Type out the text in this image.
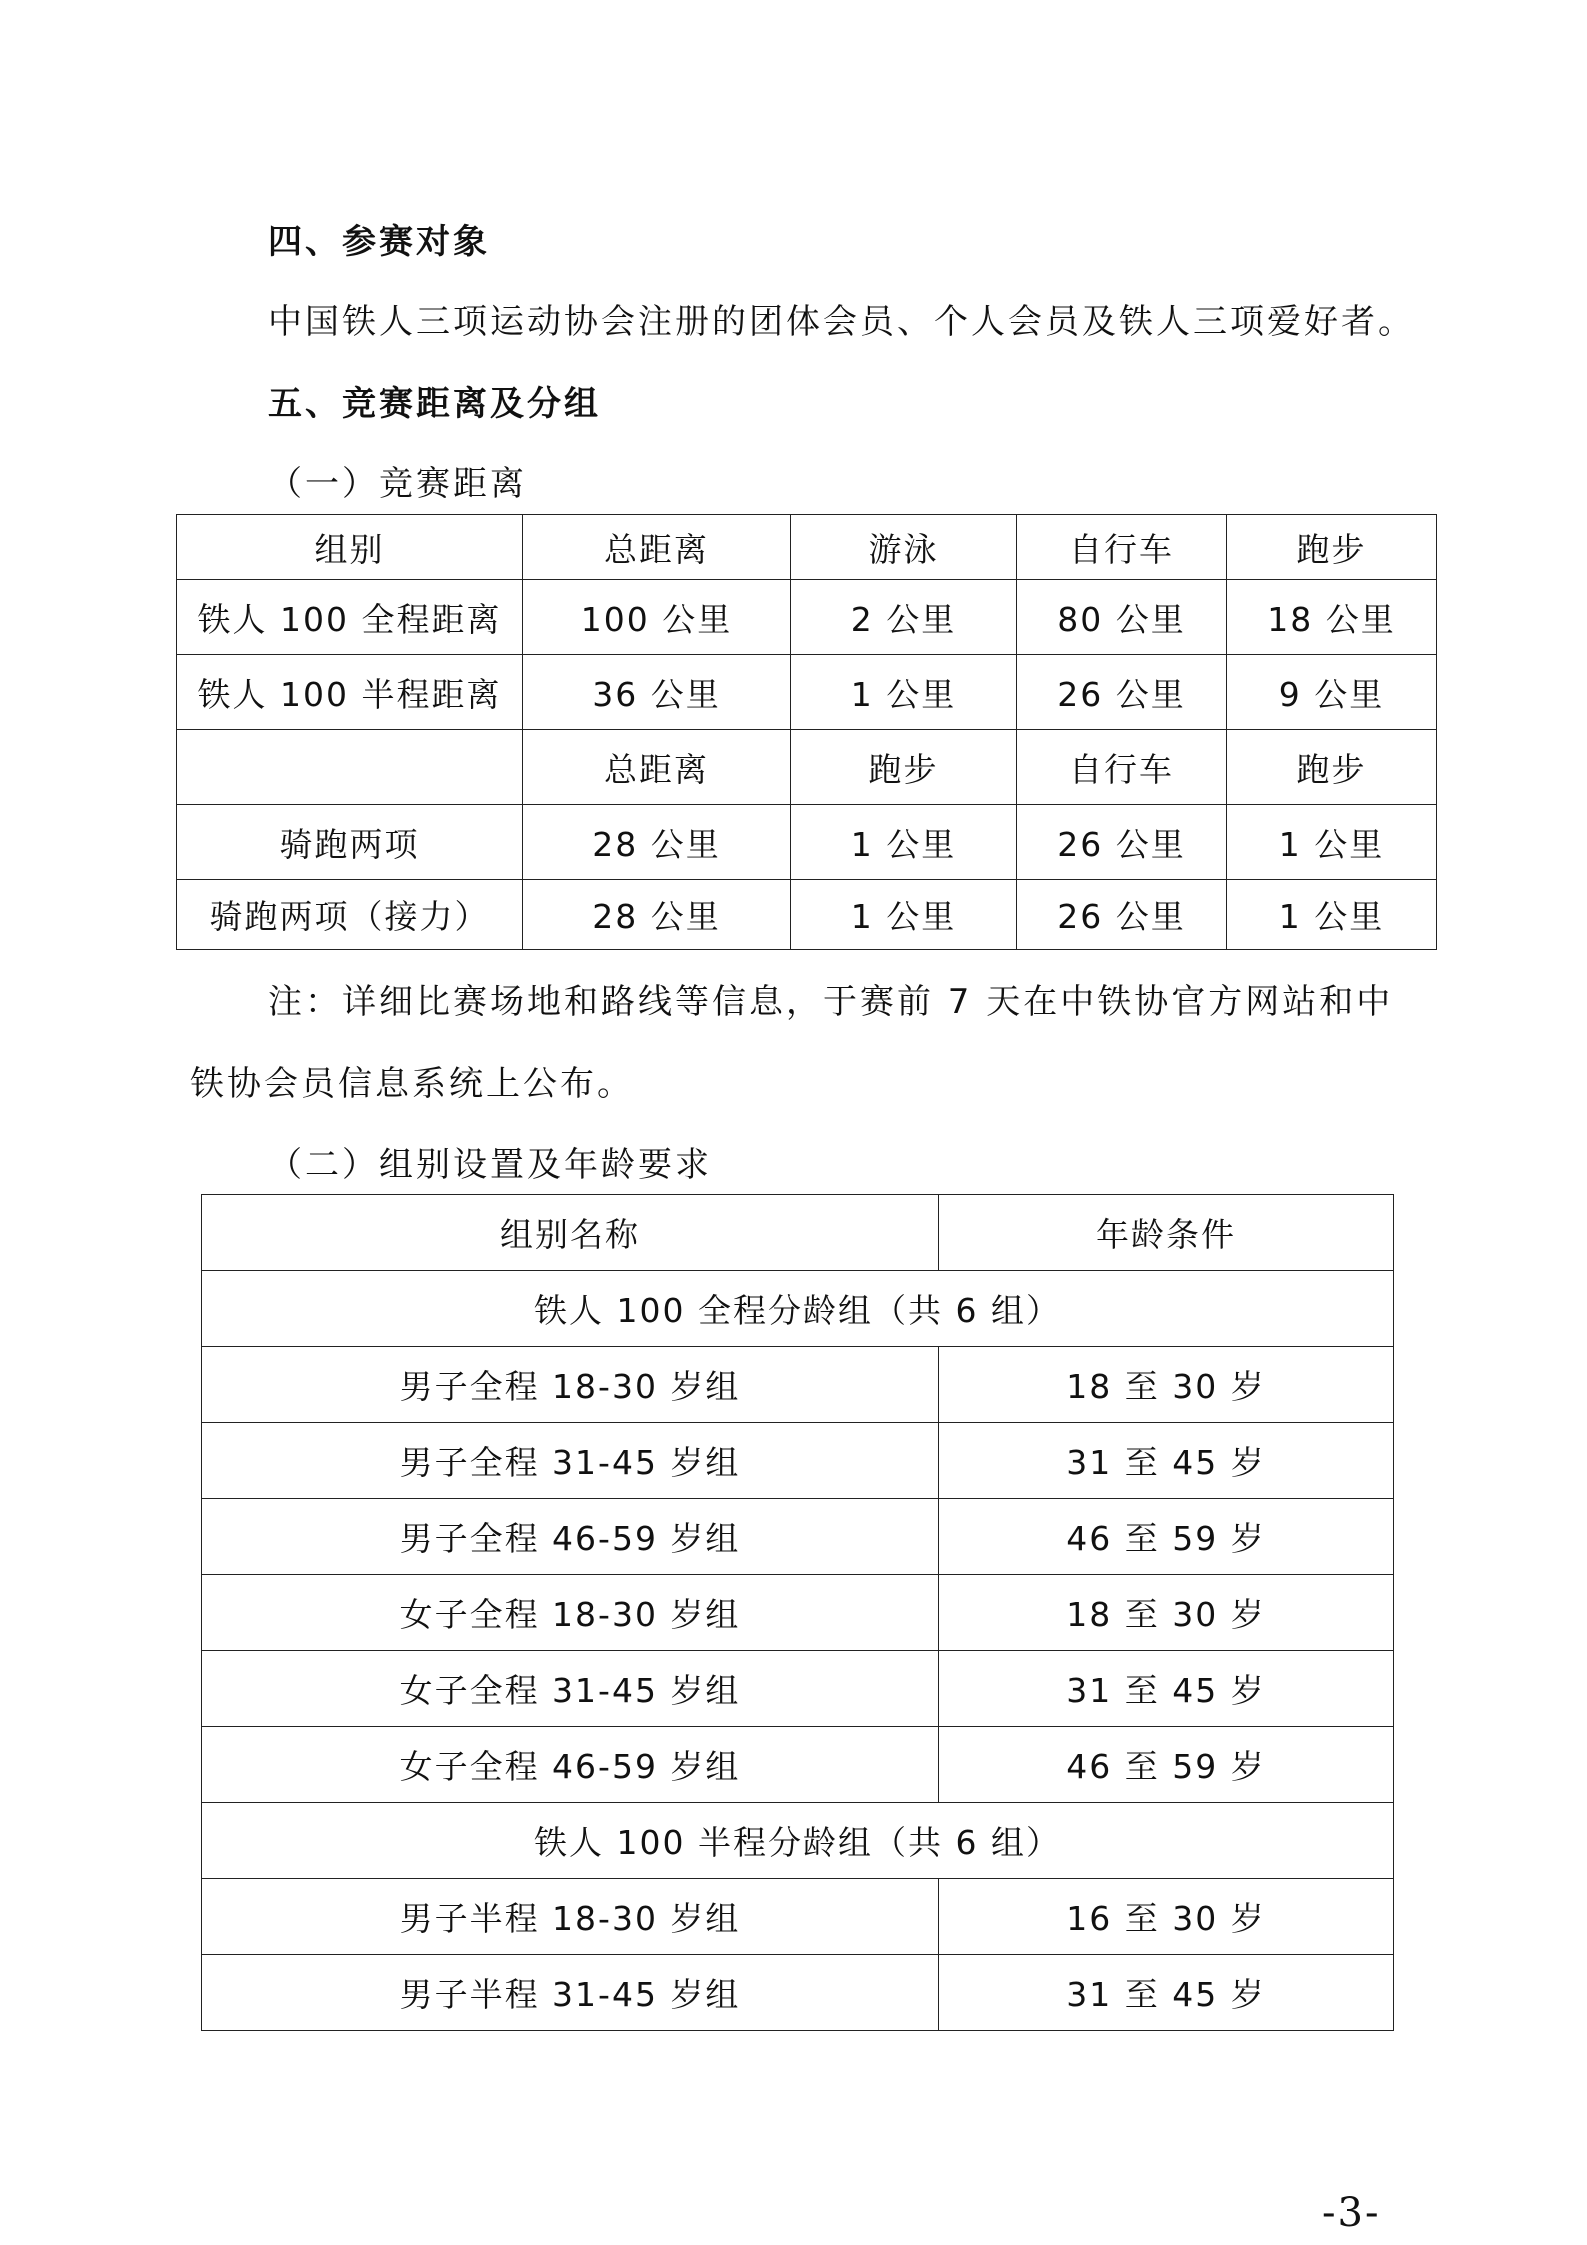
四、参赛对象
中国铁人三项运动协会注册的团体会员、个人会员及铁人三项爱好者。
五、竞赛距离及分组
（一）竞赛距离
组别	总距离	游泳	自行车	跑步
铁人 100 全程距离	100 公里	2 公里	80 公里	18 公里
铁人 100 半程距离	36 公里	1 公里	26 公里	9 公里
	总距离	跑步	自行车	跑步
骑跑两项	28 公里	1 公里	26 公里	1 公里
骑跑两项（接力）	28 公里	1 公里	26 公里	1 公里
注：详细比赛场地和路线等信息，于赛前 7 天在中铁协官方网站和中
铁协会员信息系统上公布。
（二）组别设置及年龄要求
组别名称	年龄条件
铁人 100 全程分龄组（共 6 组）	
男子全程 18-30 岁组	18 至 30 岁
男子全程 31-45 岁组	31 至 45 岁
男子全程 46-59 岁组	46 至 59 岁
女子全程 18-30 岁组	18 至 30 岁
女子全程 31-45 岁组	31 至 45 岁
女子全程 46-59 岁组	46 至 59 岁
铁人 100 半程分龄组（共 6 组）	
男子半程 18-30 岁组	16 至 30 岁
男子半程 31-45 岁组	31 至 45 岁
-3-
